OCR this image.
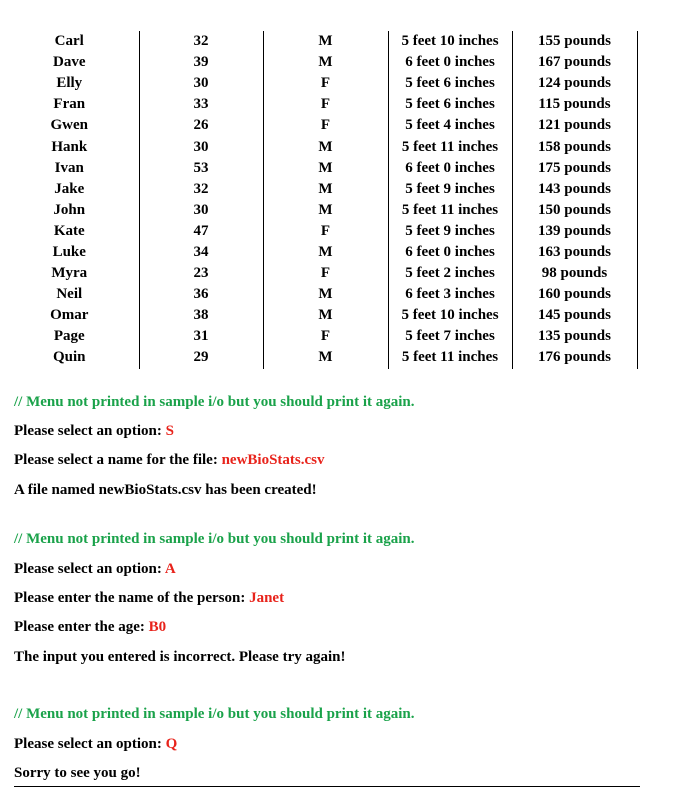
Carl	32	M	5 feet 10 inches	155 pounds	
Dave	39	M	6 feet 0 inches	167 pounds	
Elly	30	F	5 feet 6 inches	124 pounds	
Fran	33	F	5 feet 6 inches	115 pounds	
Gwen	26	F	5 feet 4 inches	121 pounds	
Hank	30	M	5 feet 11 inches	158 pounds	
Ivan	53	M	6 feet 0 inches	175 pounds	
Jake	32	M	5 feet 9 inches	143 pounds	
John	30	M	5 feet 11 inches	150 pounds	
Kate	47	F	5 feet 9 inches	139 pounds	
Luke	34	M	6 feet 0 inches	163 pounds	
Myra	23	F	5 feet 2 inches	98 pounds	
Neil	36	M	6 feet 3 inches	160 pounds	
Omar	38	M	5 feet 10 inches	145 pounds	
Page	31	F	5 feet 7 inches	135 pounds	
Quin	29	M	5 feet 11 inches	176 pounds	
// Menu not printed in sample i/o but you should print it again.
Please select an option: S
Please select a name for the file: newBioStats.csv
A file named newBioStats.csv has been created!
// Menu not printed in sample i/o but you should print it again.
Please select an option: A
Please enter the name of the person: Janet
Please enter the age: B0
The input you entered is incorrect. Please try again!
// Menu not printed in sample i/o but you should print it again.
Please select an option: Q
Sorry to see you go!
